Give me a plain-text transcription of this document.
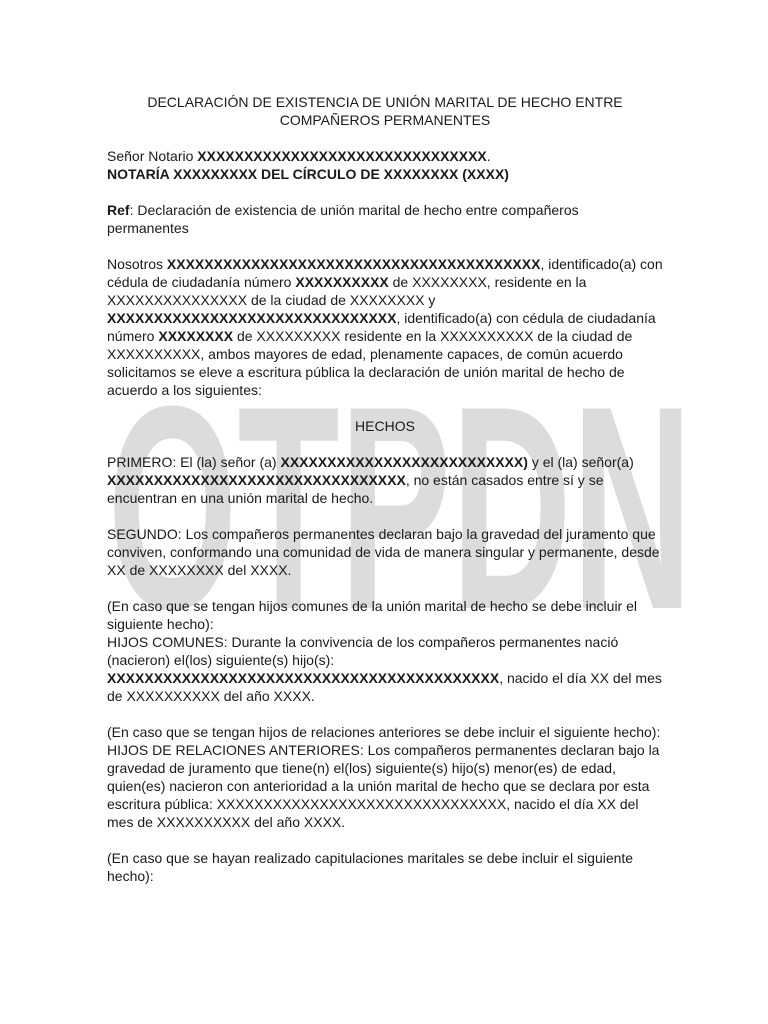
OTPDN
DECLARACIÓN DE EXISTENCIA DE UNIÓN MARITAL DE HECHO ENTRE
COMPAÑEROS PERMANENTES

Señor Notario XXXXXXXXXXXXXXXXXXXXXXXXXXXXXXX.
NOTARÍA XXXXXXXXX DEL CÍRCULO DE XXXXXXXX (XXXX)

Ref: Declaración de existencia de unión marital de hecho entre compañeros permanentes

Nosotros XXXXXXXXXXXXXXXXXXXXXXXXXXXXXXXXXXXXXXXX, identificado(a) con cédula de ciudadanía número XXXXXXXXXX de XXXXXXXX, residente en la XXXXXXXXXXXXXXX de la ciudad de XXXXXXXX y XXXXXXXXXXXXXXXXXXXXXXXXXXXXXXX, identificado(a) con cédula de ciudadanía número XXXXXXXX de XXXXXXXXX residente en la XXXXXXXXXX de la ciudad de XXXXXXXXXX, ambos mayores de edad, plenamente capaces, de común acuerdo solicitamos se eleve a escritura pública la declaración de unión marital de hecho de acuerdo a los siguientes:

HECHOS

PRIMERO: El (la) señor (a) XXXXXXXXXXXXXXXXXXXXXXXXXX) y el (la) señor(a) XXXXXXXXXXXXXXXXXXXXXXXXXXXXXXXX, no están casados entre sí y se encuentran en una unión marital de hecho.

SEGUNDO: Los compañeros permanentes declaran bajo la gravedad del juramento que conviven, conformando una comunidad de vida de manera singular y permanente, desde XX de XXXXXXXX del XXXX.

(En caso que se tengan hijos comunes de la unión marital de hecho se debe incluir el siguiente hecho):
HIJOS COMUNES: Durante la convivencia de los compañeros permanentes nació (nacieron) el(los) siguiente(s) hijo(s): XXXXXXXXXXXXXXXXXXXXXXXXXXXXXXXXXXXXXXXXXX, nacido el día XX del mes de XXXXXXXXXX del año XXXX.

(En caso que se tengan hijos de relaciones anteriores se debe incluir el siguiente hecho):
HIJOS DE RELACIONES ANTERIORES: Los compañeros permanentes declaran bajo la gravedad de juramento que tiene(n) el(los) siguiente(s) hijo(s) menor(es) de edad, quien(es) nacieron con anterioridad a la unión marital de hecho que se declara por esta escritura pública: XXXXXXXXXXXXXXXXXXXXXXXXXXXXXXX, nacido el día XX del mes de XXXXXXXXXX del año XXXX.

(En caso que se hayan realizado capitulaciones maritales se debe incluir el siguiente hecho):
